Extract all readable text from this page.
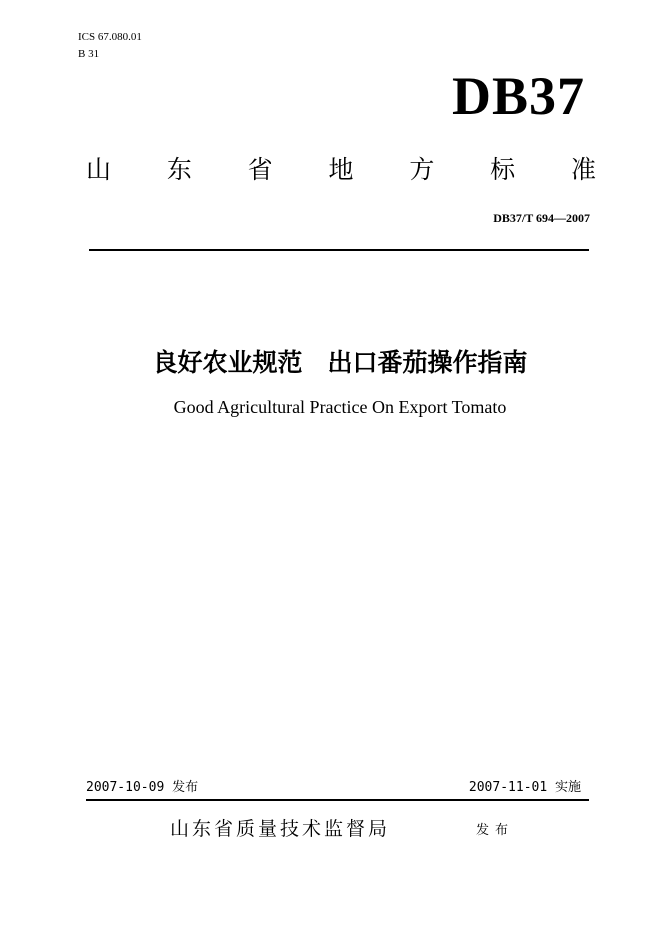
ICS 67.080.01
B 31
DB37
山 东 省 地 方 标 准
DB37/T 694—2007
良好农业规范　出口番茄操作指南
Good Agricultural Practice On Export Tomato
2007-10-09 发布	2007-11-01 实施
山东省质量技术监督局	发布
